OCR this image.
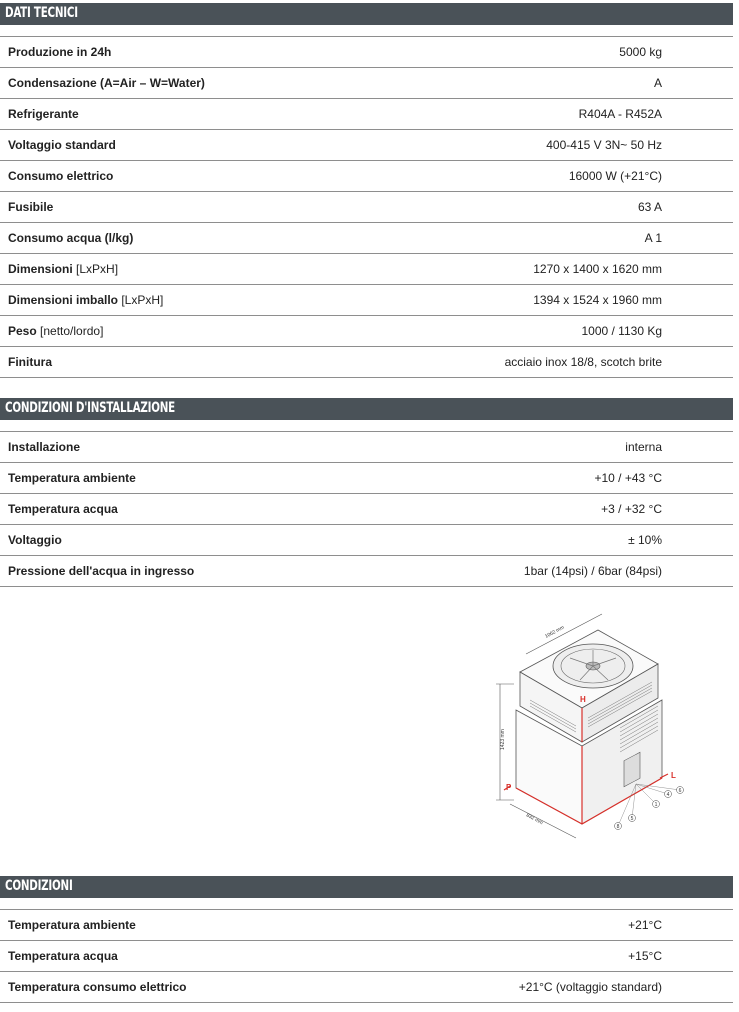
DATI TECNICI
Produzione in 24h	5000 kg
Condensazione (A=Air – W=Water)	A
Refrigerante	R404A - R452A
Voltaggio standard	400-415 V 3N~ 50 Hz
Consumo elettrico	16000 W (+21°C)
Fusibile	63 A
Consumo acqua (l/kg)	A 1
Dimensioni [LxPxH]	1270 x 1400 x 1620 mm
Dimensioni imballo [LxPxH]	1394 x 1524 x 1960 mm
Peso [netto/lordo]	1000 / 1130 Kg
Finitura	acciaio inox 18/8, scotch brite
CONDIZIONI D'INSTALLAZIONE
Installazione	interna
Temperatura ambiente	+10 / +43 °C
Temperatura acqua	+3 / +32 °C
Voltaggio	± 10%
Pressione dell'acqua in ingresso	1bar (14psi) / 6bar (84psi)
1423 mm
1062 mm
832 mm
H
P
L
1
4
6
5
8
CONDIZIONI
Temperatura ambiente	+21°C
Temperatura acqua	+15°C
Temperatura consumo elettrico	+21°C (voltaggio standard)
